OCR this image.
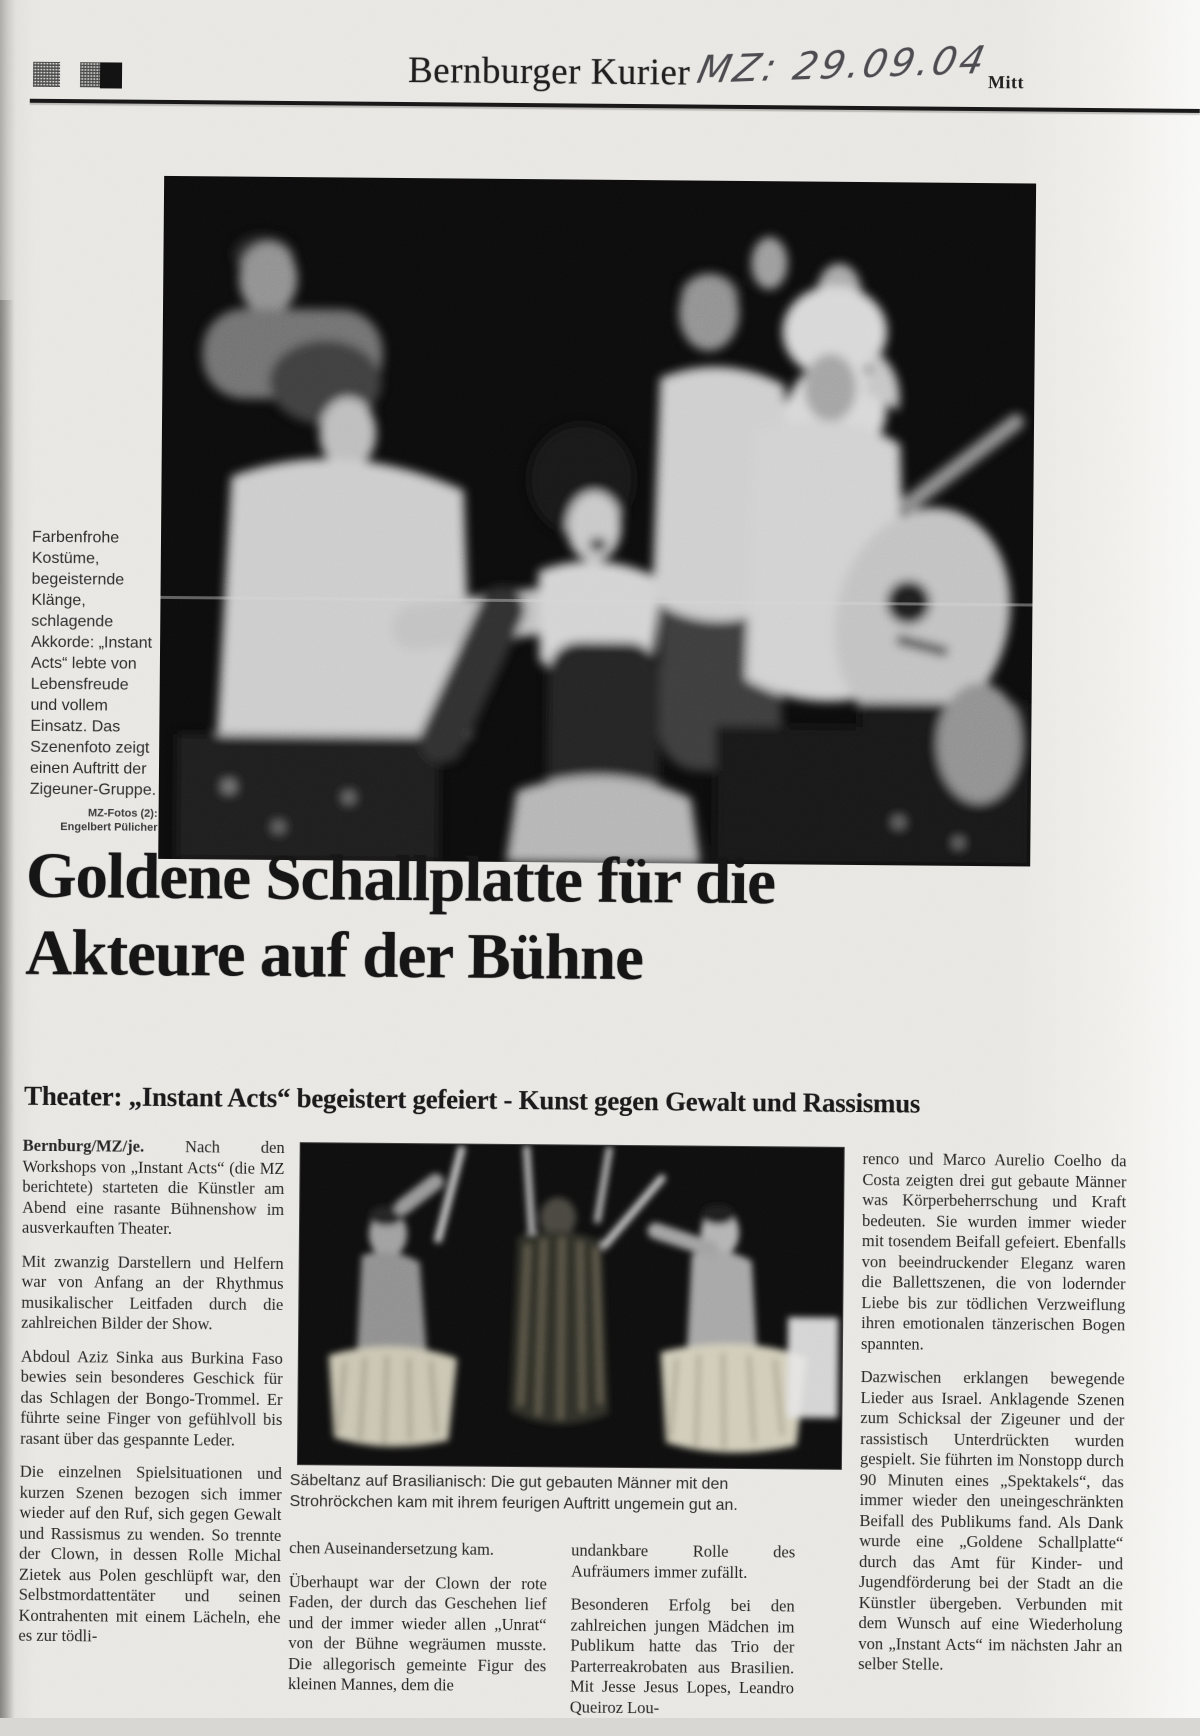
Bernburger Kurier MZ: 29.09.04
Mitt
Farbenfrohe Kostüme, begeisternde Klänge, schlagende Akkorde: „Instant Acts“ lebte von Lebensfreude und vollem Einsatz. Das Szenenfoto zeigt einen Auftritt der Zigeuner-Gruppe.
MZ-Fotos (2):
Engelbert Pülicher
Goldene Schallplatte für die
Akteure auf der Bühne
Theater: „Instant Acts“ begeistert gefeiert - Kunst gegen Gewalt und Rassismus

Bernburg/MZ/je. Nach den Workshops von „Instant Acts“ (die MZ berichtete) starteten die Künstler am Abend eine rasante Bühnenshow im ausverkauften Theater.

Mit zwanzig Darstellern und Helfern war von Anfang an der Rhythmus musikalischer Leitfaden durch die zahlreichen Bilder der Show.

Abdoul Aziz Sinka aus Burkina Faso bewies sein besonderes Geschick für das Schlagen der Bongo-Trommel. Er führte seine Finger von gefühlvoll bis rasant über das gespannte Leder.

Die einzelnen Spielsituationen und kurzen Szenen bezogen sich immer wieder auf den Ruf, sich gegen Gewalt und Rassismus zu wenden. So trennte der Clown, in dessen Rolle Michal Zietek aus Polen geschlüpft war, den Selbstmordattentäter und seinen Kontrahenten mit einem Lächeln, ehe es zur tödli-

Säbeltanz auf Brasilianisch: Die gut gebauten Männer mit den Strohröckchen kam mit ihrem feurigen Auftritt ungemein gut an.

chen Auseinandersetzung kam.

Überhaupt war der Clown der rote Faden, der durch das Geschehen lief und der immer wieder allen „Unrat“ von der Bühne wegräumen musste. Die allegorisch gemeinte Figur des kleinen Mannes, dem die

undankbare Rolle des Aufräumers immer zufällt.

Besonderen Erfolg bei den zahlreichen jungen Mädchen im Publikum hatte das Trio der Parterreakrobaten aus Brasilien. Mit Jesse Jesus Lopes, Leandro Queiroz Lou-

renco und Marco Aurelio Coelho da Costa zeigten drei gut gebaute Männer was Körperbeherrschung und Kraft bedeuten. Sie wurden immer wieder mit tosendem Beifall gefeiert. Ebenfalls von beeindruckender Eleganz waren die Ballettszenen, die von lodernder Liebe bis zur tödlichen Verzweiflung ihren emotionalen tänzerischen Bogen spannten.

Dazwischen erklangen bewegende Lieder aus Israel. Anklagende Szenen zum Schicksal der Zigeuner und der rassistisch Unterdrückten wurden gespielt. Sie führten im Nonstopp durch 90 Minuten eines „Spektakels“, das immer wieder den uneingeschränkten Beifall des Publikums fand. Als Dank wurde eine „Goldene Schallplatte“ durch das Amt für Kinder- und Jugendförderung bei der Stadt an die Künstler übergeben. Verbunden mit dem Wunsch auf eine Wiederholung von „Instant Acts“ im nächsten Jahr an selber Stelle.
